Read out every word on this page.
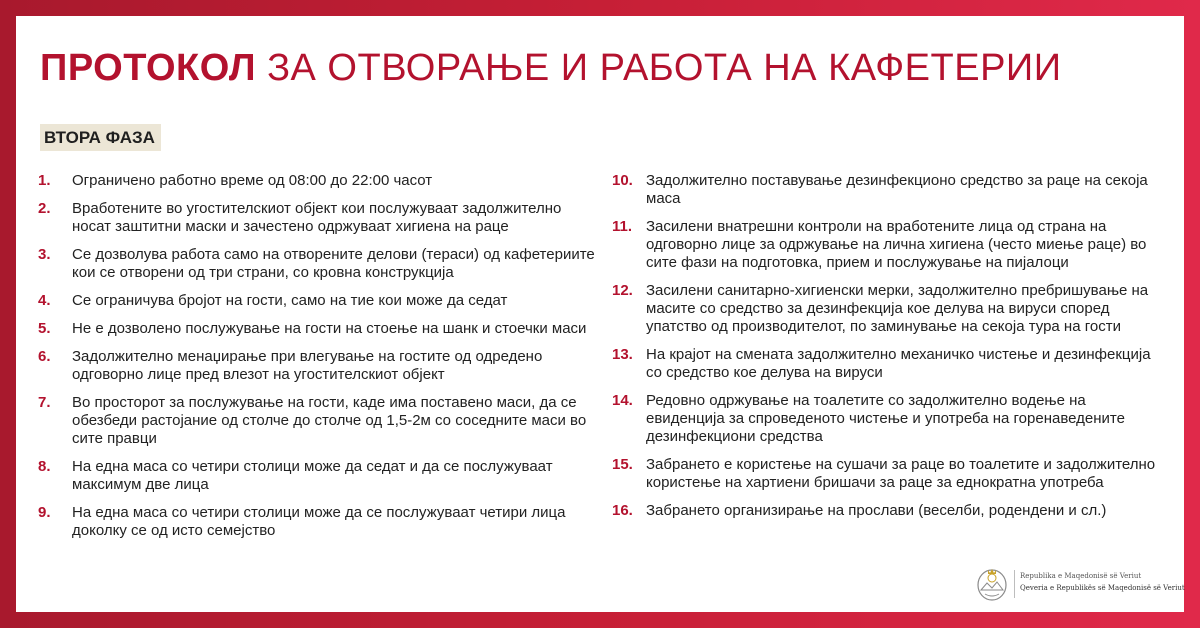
ПРОТОКОЛ ЗА ОТВОРАЊЕ И РАБОТА НА КАФЕТЕРИИ
ВТОРА ФАЗА
1.	Ограничено работно време од 08:00 до 22:00 часот
2.	Вработените во угостителскиот објект кои послужуваат задолжително носат заштитни маски и зачестено одржуваат хигиена на раце
3.	Се дозволува работа само на отворените делови (тераси) од кафетериите кои се отворени од три страни, со кровна конструкција
4.	Се ограничува бројот на гости, само на тие кои може да седат
5.	Не е дозволено послужување на гости на стоење на шанк и стоечки маси
6.	Задолжително менаџирање при влегување на гостите од одредено одговорно лице пред влезот на угостителскиот објект
7.	Во просторот за послужување на гости, каде има поставено маси, да се обезбеди растојание од столче до столче од 1,5-2м со соседните маси во сите правци
8.	На една маса со четири столици може да седат и да се послужуваат максимум две лица
9.	На една маса со четири столици може да се послужуваат четири лица доколку се од исто семејство
10. Задолжително поставување дезинфекционо средство за раце на секоја маса
11. Засилени внатрешни контроли на вработените лица од страна на одговорно лице за одржување на лична хигиена (често миење раце) во сите фази на подготовка, прием и послужување на пијалоци
12. Засилени санитарно-хигиенски мерки, задолжително пребришување на масите со средство за дезинфекција кое делува на вируси според упатство од производителот, по заминување на секоја тура на гости
13. На крајот на смената задолжително механичко чистење и дезинфекција со средство кое делува на вируси
14. Редовно одржување на тоалетите со задолжително водење на евиденција за спроведеното чистење и употреба на горенаведените дезинфекциони средства
15. Забрането е користење на сушачи за раце во тоалетите и задолжително користење на хартиени бришачи за раце за еднократна употреба
16. Забрането организирање на прослави (веселби, родендени и сл.)
Republika e Maqedonisë së Veriut
Qeveria e Republikës së Maqedonisë së Veriut
